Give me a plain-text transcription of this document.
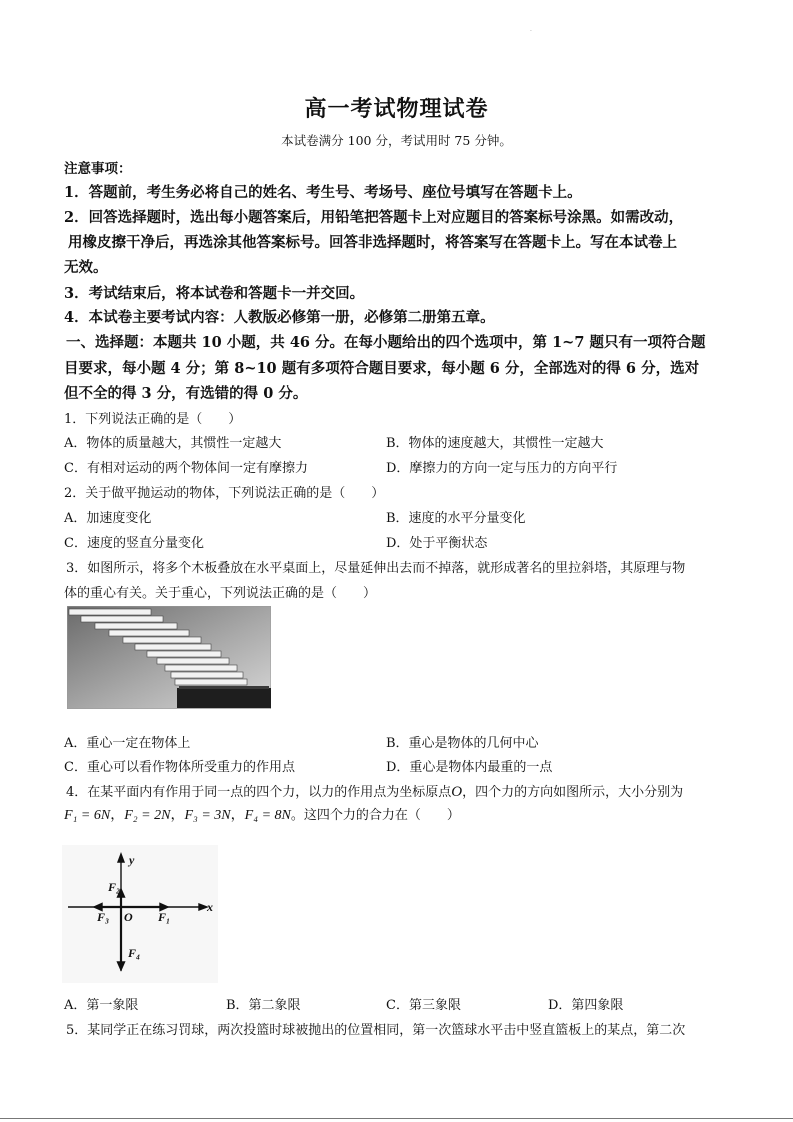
·
高一考试物理试卷
本试卷满分 100 分，考试用时 75 分钟。
注意事项：
1．答题前，考生务必将自己的姓名、考生号、考场号、座位号填写在答题卡上。
2．回答选择题时，选出每小题答案后，用铅笔把答题卡上对应题目的答案标号涂黑。如需改动，
用橡皮擦干净后，再选涂其他答案标号。回答非选择题时，将答案写在答题卡上。写在本试卷上
无效。
3．考试结束后，将本试卷和答题卡一并交回。
4．本试卷主要考试内容：人教版必修第一册，必修第二册第五章。
一、选择题：本题共 10 小题，共 46 分。在每小题给出的四个选项中，第 1~7 题只有一项符合题
目要求，每小题 4 分；第 8~10 题有多项符合题目要求，每小题 6 分，全部选对的得 6 分，选对
但不全的得 3 分，有选错的得 0 分。
1．下列说法正确的是（　　）
A．物体的质量越大，其惯性一定越大	B．物体的速度越大，其惯性一定越大
C．有相对运动的两个物体间一定有摩擦力	D．摩擦力的方向一定与压力的方向平行
2．关于做平抛运动的物体，下列说法正确的是（　　）
A．加速度变化	B．速度的水平分量变化
C．速度的竖直分量变化	D．处于平衡状态
3．如图所示，将多个木板叠放在水平桌面上，尽量延伸出去而不掉落，就形成著名的里拉斜塔，其原理与物
体的重心有关。关于重心，下列说法正确的是（　　）
A．重心一定在物体上	B．重心是物体的几何中心
C．重心可以看作物体所受重力的作用点	D．重心是物体内最重的一点
4．在某平面内有作用于同一点的四个力，以力的作用点为坐标原点O，四个力的方向如图所示，大小分别为
F₁ = 6N，F₂ = 2N，F₃ = 3N，F₄ = 8N。这四个力的合力在（　　）
y
x
O F₁
F₂
F₃
F₄
A．第一象限	B．第二象限	C．第三象限	D．第四象限
5．某同学正在练习罚球，两次投篮时球被抛出的位置相同，第一次篮球水平击中竖直篮板上的某点，第二次
